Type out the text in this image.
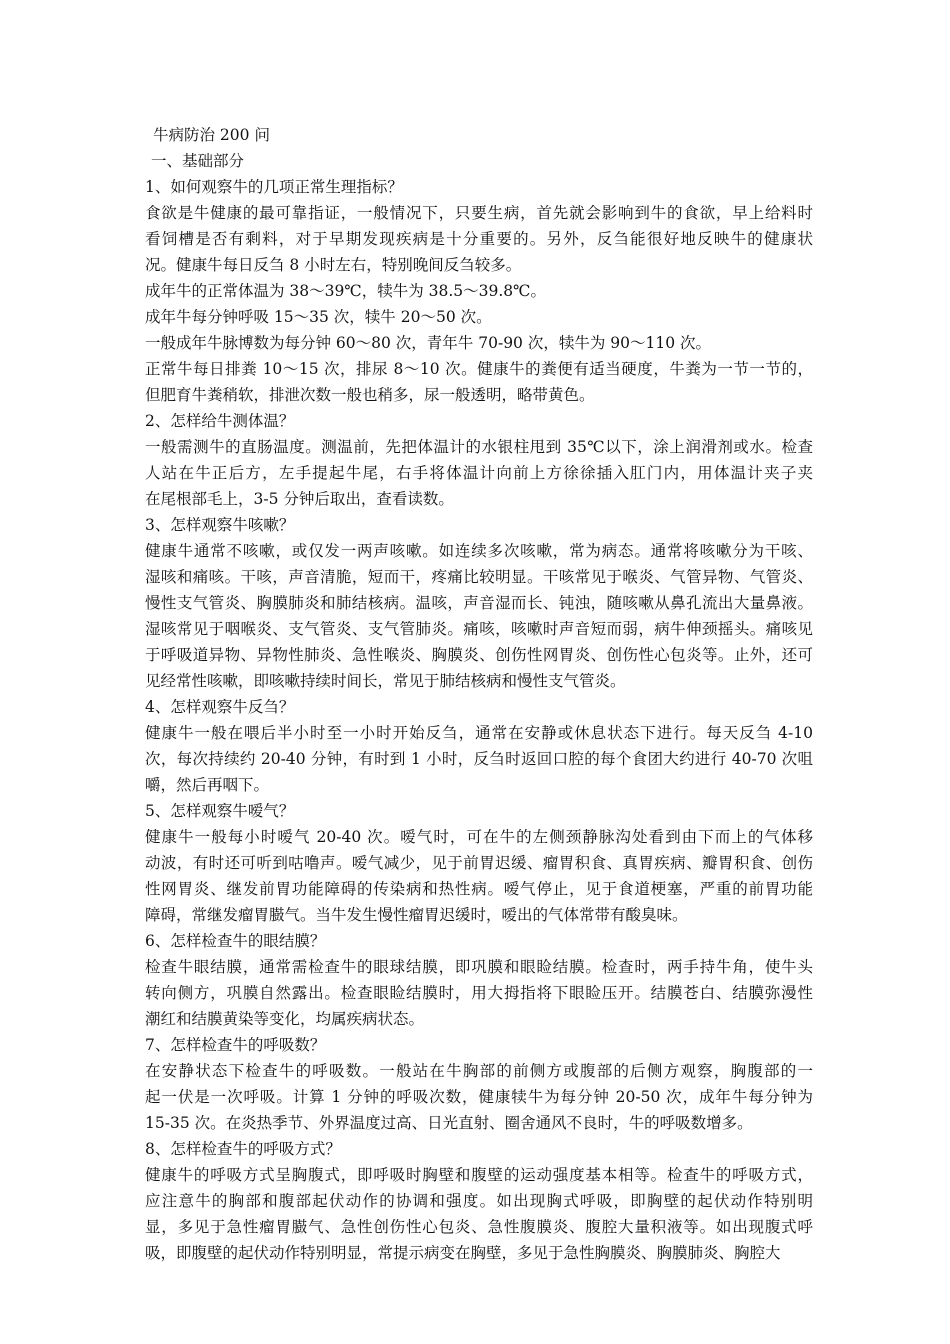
牛病防治 200 问
一、基础部分
1、如何观察牛的几项正常生理指标？
食欲是牛健康的最可靠指证，一般情况下，只要生病，首先就会影响到牛的食欲，早上给料时
看饲槽是否有剩料，对于早期发现疾病是十分重要的。另外，反刍能很好地反映牛的健康状
况。健康牛每日反刍 8 小时左右，特别晚间反刍较多。
成年牛的正常体温为 38～39℃，犊牛为 38.5～39.8℃。
成年牛每分钟呼吸 15～35 次，犊牛 20～50 次。
一般成年牛脉博数为每分钟 60～80 次，青年牛 70-90 次，犊牛为 90～110 次。
正常牛每日排粪 10～15 次，排尿 8～10 次。健康牛的粪便有适当硬度，牛粪为一节一节的，
但肥育牛粪稍软，排泄次数一般也稍多，尿一般透明，略带黄色。
2、怎样给牛测体温？
一般需测牛的直肠温度。测温前，先把体温计的水银柱甩到 35℃以下，涂上润滑剂或水。检查
人站在牛正后方，左手提起牛尾，右手将体温计向前上方徐徐插入肛门内，用体温计夹子夹
在尾根部毛上，3-5 分钟后取出，查看读数。
3、怎样观察牛咳嗽？
健康牛通常不咳嗽，或仅发一两声咳嗽。如连续多次咳嗽，常为病态。通常将咳嗽分为干咳、
湿咳和痛咳。干咳，声音清脆，短而干，疼痛比较明显。干咳常见于喉炎、气管异物、气管炎、
慢性支气管炎、胸膜肺炎和肺结核病。温咳，声音湿而长、钝浊，随咳嗽从鼻孔流出大量鼻液。
湿咳常见于咽喉炎、支气管炎、支气管肺炎。痛咳，咳嗽时声音短而弱，病牛伸颈摇头。痛咳见
于呼吸道异物、异物性肺炎、急性喉炎、胸膜炎、创伤性网胃炎、创伤性心包炎等。止外，还可
见经常性咳嗽，即咳嗽持续时间长，常见于肺结核病和慢性支气管炎。
4、怎样观察牛反刍？
健康牛一般在喂后半小时至一小时开始反刍，通常在安静或休息状态下进行。每天反刍 4-10
次，每次持续约 20-40 分钟，有时到 1 小时，反刍时返回口腔的每个食团大约进行 40-70 次咀
嚼，然后再咽下。
5、怎样观察牛嗳气？
健康牛一般每小时嗳气 20-40 次。嗳气时，可在牛的左侧颈静脉沟处看到由下而上的气体移
动波，有时还可听到咕噜声。嗳气减少，见于前胃迟缓、瘤胃积食、真胃疾病、瓣胃积食、创伤
性网胃炎、继发前胃功能障碍的传染病和热性病。嗳气停止，见于食道梗塞，严重的前胃功能
障碍，常继发瘤胃臌气。当牛发生慢性瘤胃迟缓时，嗳出的气体常带有酸臭味。
6、怎样检查牛的眼结膜？
检查牛眼结膜，通常需检查牛的眼球结膜，即巩膜和眼睑结膜。检查时，两手持牛角，使牛头
转向侧方，巩膜自然露出。检查眼睑结膜时，用大拇指将下眼睑压开。结膜苍白、结膜弥漫性
潮红和结膜黄染等变化，均属疾病状态。
7、怎样检查牛的呼吸数？
在安静状态下检查牛的呼吸数。一般站在牛胸部的前侧方或腹部的后侧方观察，胸腹部的一
起一伏是一次呼吸。计算 1 分钟的呼吸次数，健康犊牛为每分钟 20-50 次，成年牛每分钟为
15-35 次。在炎热季节、外界温度过高、日光直射、圈舍通风不良时，牛的呼吸数增多。
8、怎样检查牛的呼吸方式？
健康牛的呼吸方式呈胸腹式，即呼吸时胸壁和腹壁的运动强度基本相等。检查牛的呼吸方式，
应注意牛的胸部和腹部起伏动作的协调和强度。如出现胸式呼吸，即胸壁的起伏动作特别明
显，多见于急性瘤胃臌气、急性创伤性心包炎、急性腹膜炎、腹腔大量积液等。如出现腹式呼
吸，即腹壁的起伏动作特别明显，常提示病变在胸壁，多见于急性胸膜炎、胸膜肺炎、胸腔大
